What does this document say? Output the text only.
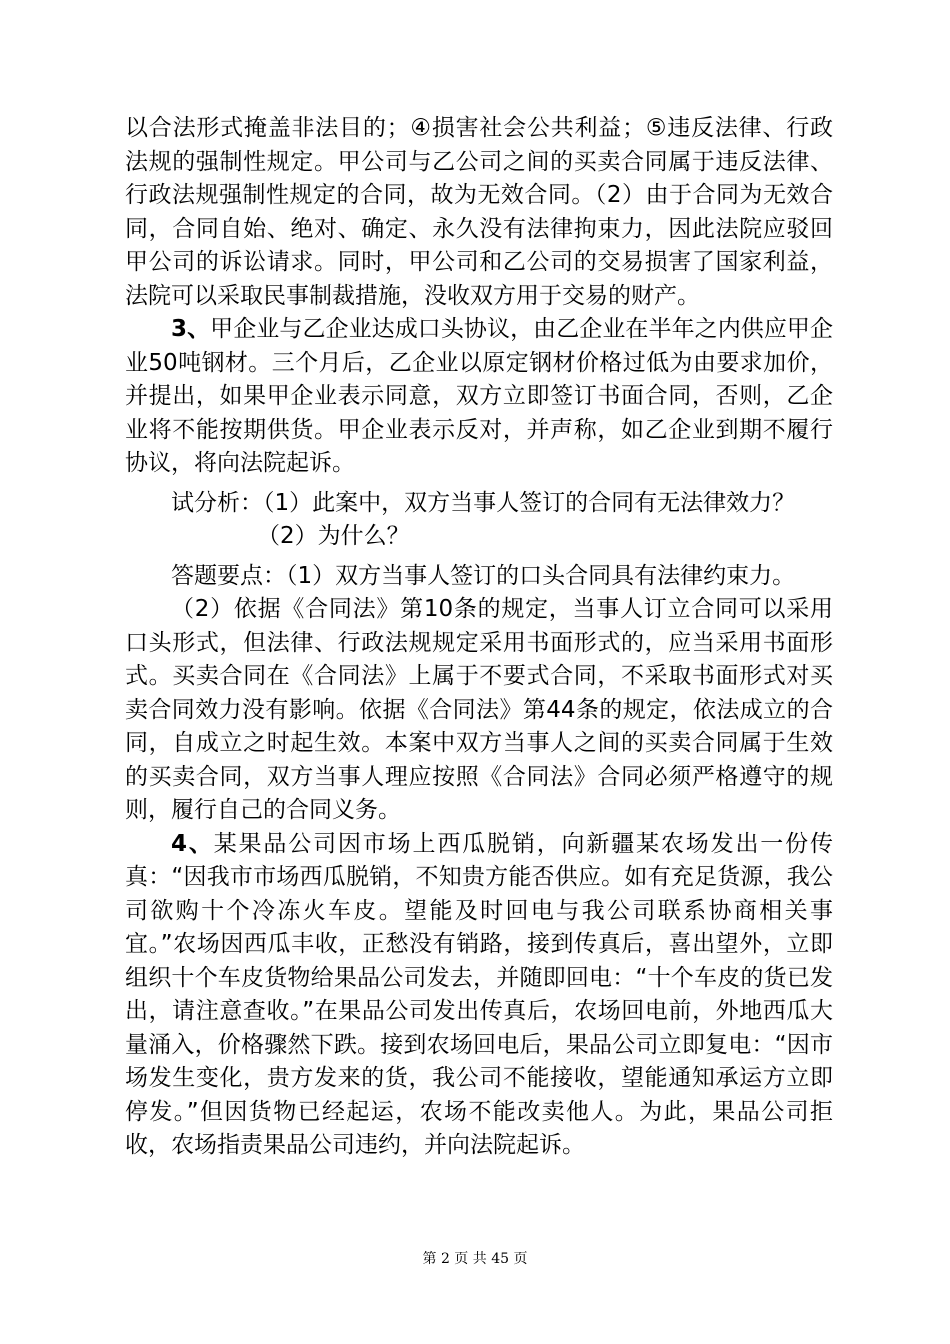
以合法形式掩盖非法目的；④损害社会公共利益；⑤违反法律、行政法规的强制性规定。甲公司与乙公司之间的买卖合同属于违反法律、行政法规强制性规定的合同，故为无效合同。（2）由于合同为无效合同，合同自始、绝对、确定、永久没有法律拘束力，因此法院应驳回甲公司的诉讼请求。同时，甲公司和乙公司的交易损害了国家利益，法院可以采取民事制裁措施，没收双方用于交易的财产。

3、甲企业与乙企业达成口头协议，由乙企业在半年之内供应甲企业50吨钢材。三个月后，乙企业以原定钢材价格过低为由要求加价，并提出，如果甲企业表示同意，双方立即签订书面合同，否则，乙企业将不能按期供货。甲企业表示反对，并声称，如乙企业到期不履行协议，将向法院起诉。

试分析：（1）此案中，双方当事人签订的合同有无法律效力？

（2）为什么？

答题要点：（1）双方当事人签订的口头合同具有法律约束力。

（2）依据《合同法》第10条的规定，当事人订立合同可以采用口头形式，但法律、行政法规规定采用书面形式的，应当采用书面形式。买卖合同在《合同法》上属于不要式合同，不采取书面形式对买卖合同效力没有影响。依据《合同法》第44条的规定，依法成立的合同，自成立之时起生效。本案中双方当事人之间的买卖合同属于生效的买卖合同，双方当事人理应按照《合同法》合同必须严格遵守的规则，履行自己的合同义务。

4、某果品公司因市场上西瓜脱销，向新疆某农场发出一份传真：“因我市市场西瓜脱销，不知贵方能否供应。如有充足货源，我公司欲购十个冷冻火车皮。望能及时回电与我公司联系协商相关事宜。”农场因西瓜丰收，正愁没有销路，接到传真后，喜出望外，立即组织十个车皮货物给果品公司发去，并随即回电：“十个车皮的货已发出，请注意查收。”在果品公司发出传真后，农场回电前，外地西瓜大量涌入，价格骤然下跌。接到农场回电后，果品公司立即复电：“因市场发生变化，贵方发来的货，我公司不能接收，望能通知承运方立即停发。”但因货物已经起运，农场不能改卖他人。为此，果品公司拒收，农场指责果品公司违约，并向法院起诉。

第 2 页 共 45 页
